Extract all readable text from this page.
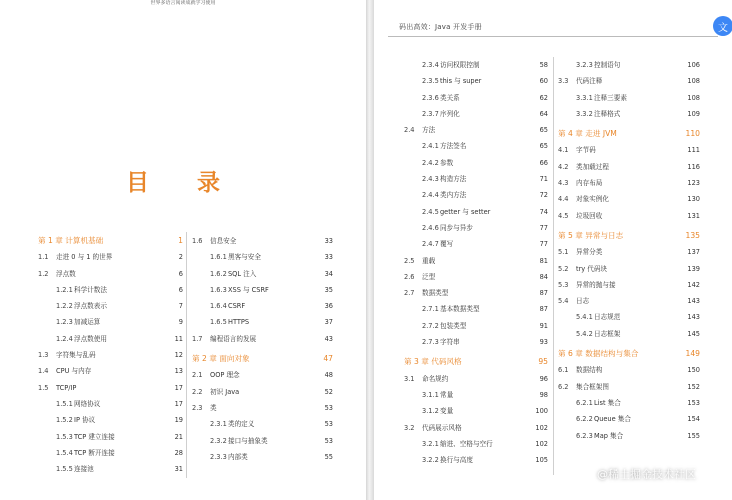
世界多语言阅读成就学习使用
目 录
第 1 章 计算机基础	1
1.1 走进 0 与 1 的世界	2
1.2 浮点数	6
1.2.1 科学计数法	6
1.2.2 浮点数表示	7
1.2.3 加减运算	9
1.2.4 浮点数使用	11
1.3 字符集与乱码	12
1.4 CPU 与内存	13
1.5 TCP/IP	17
1.5.1 网络协议	17
1.5.2 IP 协议	19
1.5.3 TCP 建立连接	21
1.5.4 TCP 断开连接	28
1.5.5 连接池	31
1.6 信息安全	33
1.6.1 黑客与安全	33
1.6.2 SQL 注入	34
1.6.3 XSS 与 CSRF	35
1.6.4 CSRF	36
1.6.5 HTTPS	37
1.7 编程语言的发展	43
第 2 章 面向对象	47
2.1 OOP 理念	48
2.2 初识 Java	52
2.3 类	53
2.3.1 类的定义	53
2.3.2 接口与抽象类	53
2.3.3 内部类	55
码出高效：Java 开发手册
2.3.4 访问权限控制	58
2.3.5 this 与 super	60
2.3.6 类关系	62
2.3.7 序列化	64
2.4 方法	65
2.4.1 方法签名	65
2.4.2 参数	66
2.4.3 构造方法	71
2.4.4 类内方法	72
2.4.5 getter 与 setter	74
2.4.6 同步与异步	77
2.4.7 覆写	77
2.5 重载	81
2.6 泛型	84
2.7 数据类型	87
2.7.1 基本数据类型	87
2.7.2 包装类型	91
2.7.3 字符串	93
第 3 章 代码风格	95
3.1 命名规约	96
3.1.1 常量	98
3.1.2 变量	100
3.2 代码展示风格	102
3.2.1 缩进、空格与空行	102
3.2.2 换行与高度	105
3.2.3 控制语句	106
3.3 代码注释	108
3.3.1 注释三要素	108
3.3.2 注释格式	109
第 4 章 走进 JVM	110
4.1 字节码	111
4.2 类加载过程	116
4.3 内存布局	123
4.4 对象实例化	130
4.5 垃圾回收	131
第 5 章 异常与日志	135
5.1 异常分类	137
5.2 try 代码块	139
5.3 异常的抛与接	142
5.4 日志	143
5.4.1 日志规范	143
5.4.2 日志框架	145
第 6 章 数据结构与集合	149
6.1 数据结构	150
6.2 集合框架图	152
6.2.1 List 集合	153
6.2.2 Queue 集合	154
6.2.3 Map 集合	155
文
@稀土掘金技术社区
